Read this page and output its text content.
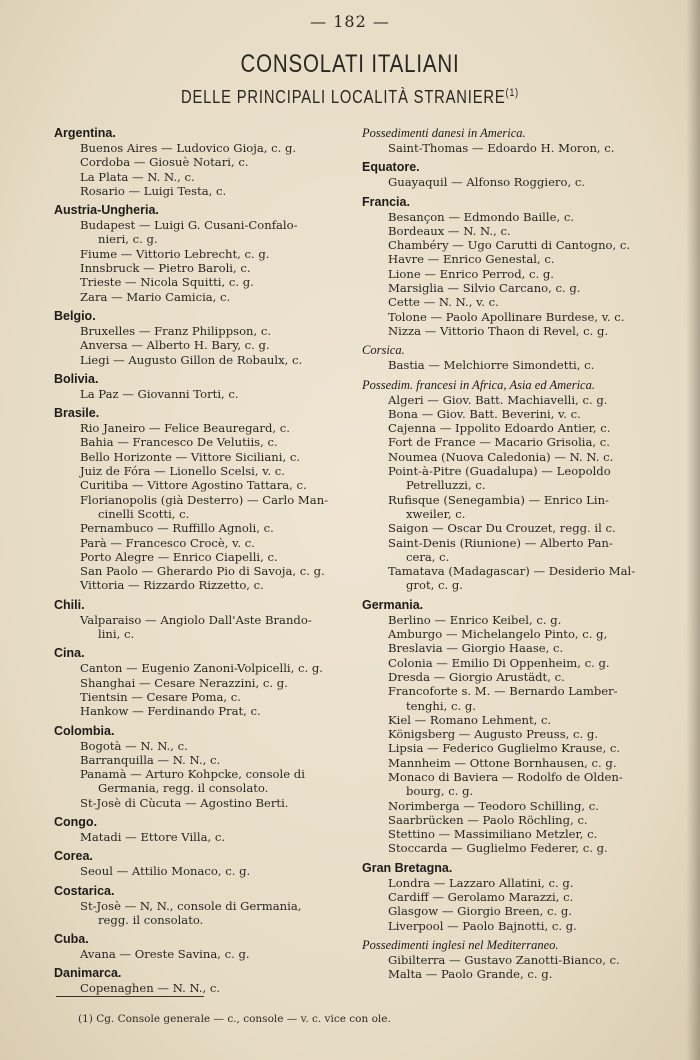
— 182 —
CONSOLATI ITALIANI
DELLE PRINCIPALI LOCALITÀ STRANIERE$^{(1)}$
Argentina.
Buenos Aires — Ludovico Gioja, c. g.
Cordoba — Giosuè Notari, c.
La Plata — N. N., c.
Rosario — Luigi Testa, c.
Austria-Ungheria.
Budapest — Luigi G. Cusani-Confalo-
nieri, c. g.
Fiume — Vittorio Lebrecht, c. g.
Innsbruck — Pietro Baroli, c.
Trieste — Nicola Squitti, c. g.
Zara — Mario Camicia, c.
Belgio.
Bruxelles — Franz Philippson, c.
Anversa — Alberto H. Bary, c. g.
Liegi — Augusto Gillon de Robaulx, c.
Bolivia.
La Paz — Giovanni Torti, c.
Brasile.
Rio Janeiro — Felice Beauregard, c.
Bahia — Francesco De Velutiis, c.
Bello Horizonte — Vittore Siciliani, c.
Juiz de Fóra — Lionello Scelsi, v. c.
Curitiba — Vittore Agostino Tattara, c.
Florianopolis (già Desterro) — Carlo Man-
cinelli Scotti, c.
Pernambuco — Ruffillo Agnoli, c.
Parà — Francesco Crocè, v. c.
Porto Alegre — Enrico Ciapelli, c.
San Paolo — Gherardo Pio di Savoja, c. g.
Vittoria — Rizzardo Rizzetto, c.
Chili.
Valparaiso — Angiolo Dall'Aste Brando-
lini, c.
Cina.
Canton — Eugenio Zanoni-Volpicelli, c. g.
Shanghai — Cesare Nerazzini, c. g.
Tientsin — Cesare Poma, c.
Hankow — Ferdinando Prat, c.
Colombia.
Bogotà — N. N., c.
Barranquilla — N. N., c.
Panamà — Arturo Kohpcke, console di
Germania, regg. il consolato.
St-Josè di Cùcuta — Agostino Berti.
Congo.
Matadi — Ettore Villa, c.
Corea.
Seoul — Attilio Monaco, c. g.
Costarica.
St-Josè — N, N., console di Germania,
regg. il consolato.
Cuba.
Avana — Oreste Savina, c. g.
Danimarca.
Copenaghen — N. N., c.
Possedimenti danesi in America.
Saint-Thomas — Edoardo H. Moron, c.
Equatore.
Guayaquil — Alfonso Roggiero, c.
Francia.
Besançon — Edmondo Baille, c.
Bordeaux — N. N., c.
Chambéry — Ugo Carutti di Cantogno, c.
Havre — Enrico Genestal, c.
Lione — Enrico Perrod, c. g.
Marsiglia — Silvio Carcano, c. g.
Cette — N. N., v. c.
Tolone — Paolo Apollinare Burdese, v. c.
Nizza — Vittorio Thaon di Revel, c. g.
Corsica.
Bastia — Melchiorre Simondetti, c.
Possedim. francesi in Africa, Asia ed America.
Algeri — Giov. Batt. Machiavelli, c. g.
Bona — Giov. Batt. Beverini, v. c.
Cajenna — Ippolito Edoardo Antier, c.
Fort de France — Macario Grisolia, c.
Noumea (Nuova Caledonia) — N. N. c.
Point-à-Pitre (Guadalupa) — Leopoldo
Petrelluzzi, c.
Rufisque (Senegambia) — Enrico Lin-
xweiler, c.
Saigon — Oscar Du Crouzet, regg. il c.
Saint-Denis (Riunione) — Alberto Pan-
cera, c.
Tamatava (Madagascar) — Desiderio Mal-
grot, c. g.
Germania.
Berlino — Enrico Keibel, c. g.
Amburgo — Michelangelo Pinto, c. g,
Breslavia — Giorgio Haase, c.
Colonia — Emilio Di Oppenheim, c. g.
Dresda — Giorgio Arustädt, c.
Francoforte s. M. — Bernardo Lamber-
tenghi, c. g.
Kiel — Romano Lehment, c.
Königsberg — Augusto Preuss, c. g.
Lipsia — Federico Guglielmo Krause, c.
Mannheim — Ottone Bornhausen, c. g.
Monaco di Baviera — Rodolfo de Olden-
bourg, c. g.
Norimberga — Teodoro Schilling, c.
Saarbrücken — Paolo Röchling, c.
Stettino — Massimiliano Metzler, c.
Stoccarda — Guglielmo Federer, c. g.
Gran Bretagna.
Londra — Lazzaro Allatini, c. g.
Cardiff — Gerolamo Marazzi, c.
Glasgow — Giorgio Breen, c. g.
Liverpool — Paolo Bajnotti, c. g.
Possedimenti inglesi nel Mediterraneo.
Gibilterra — Gustavo Zanotti-Bianco, c.
Malta — Paolo Grande, c. g.
(1) Cg. Console generale — c., console — v. c. vice con ole.
